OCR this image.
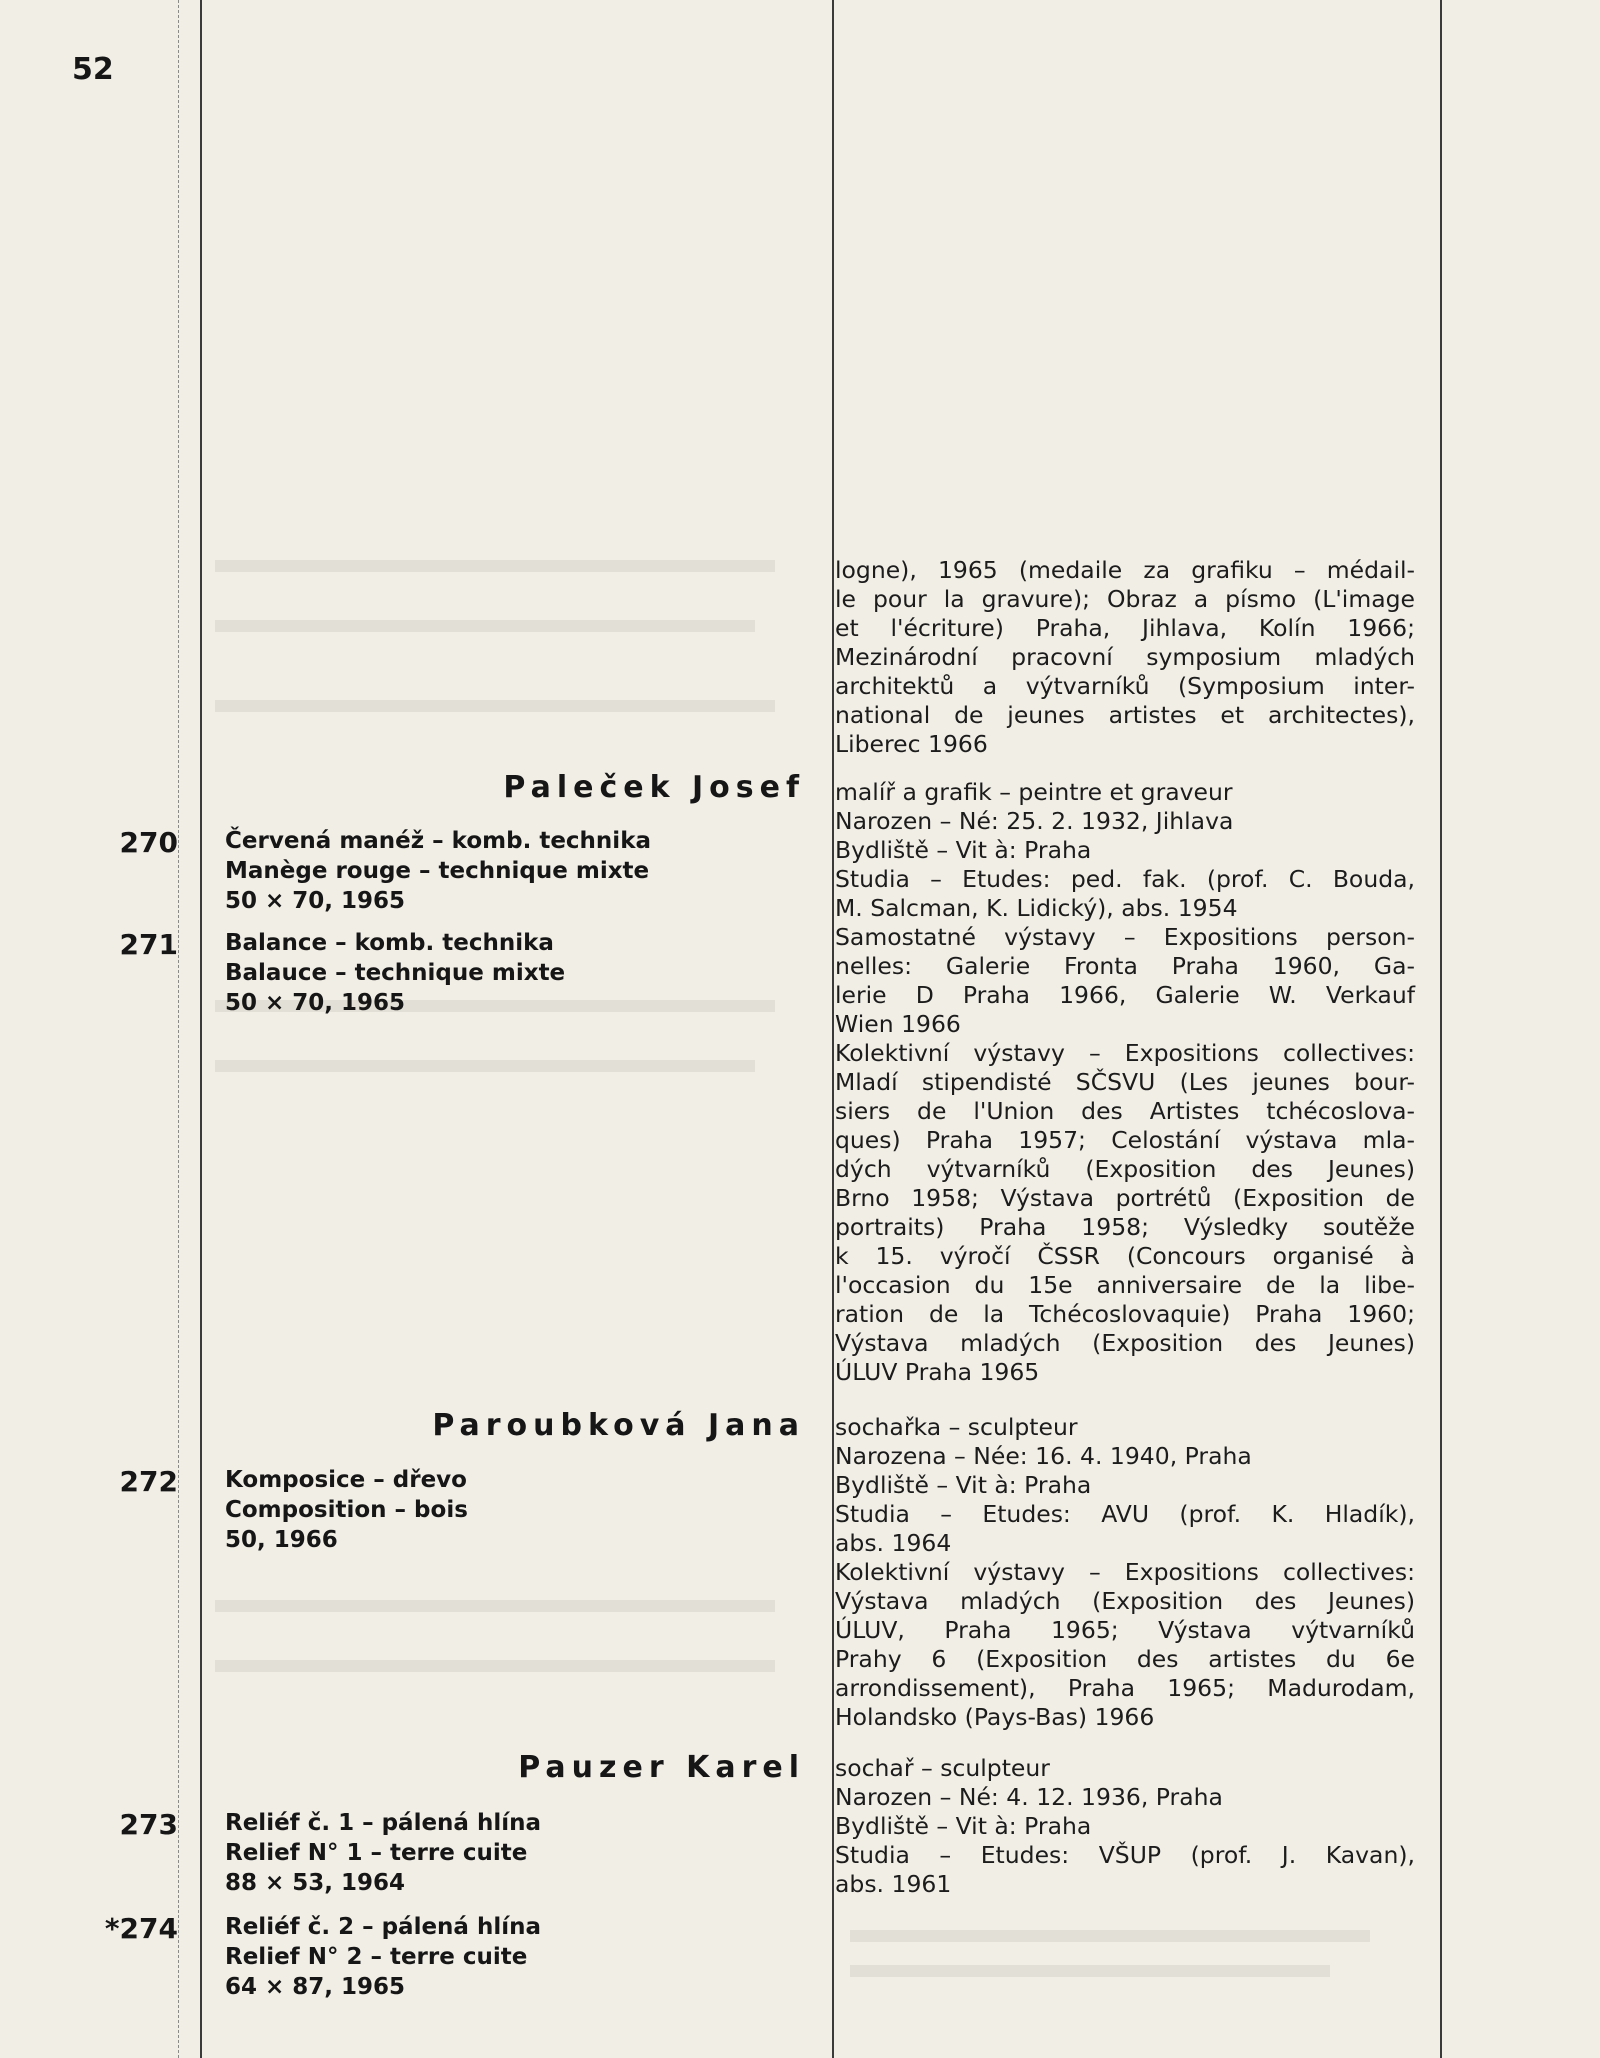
52
logne), 1965 (medaile za grafiku – médail-
le pour la gravure); Obraz a písmo (L'image
et l'écriture) Praha, Jihlava, Kolín 1966;
Mezinárodní pracovní symposium mladých
architektů a výtvarníků (Symposium inter-
national de jeunes artistes et architectes),
Liberec 1966
Paleček Josef
270 Červená manéž – komb. technika
Manège rouge – technique mixte
50 × 70, 1965
271 Balance – komb. technika
Balauce – technique mixte
50 × 70, 1965
malíř a grafik – peintre et graveur
Narozen – Né: 25. 2. 1932, Jihlava
Bydliště – Vit à: Praha
Studia – Etudes: ped. fak. (prof. C. Bouda,
M. Salcman, K. Lidický), abs. 1954
Samostatné výstavy – Expositions person-
nelles: Galerie Fronta Praha 1960, Ga-
lerie D Praha 1966, Galerie W. Verkauf
Wien 1966
Kolektivní výstavy – Expositions collectives:
Mladí stipendisté SČSVU (Les jeunes bour-
siers de l'Union des Artistes tchécoslova-
ques) Praha 1957; Celostání výstava mla-
dých výtvarníků (Exposition des Jeunes)
Brno 1958; Výstava portrétů (Exposition de
portraits) Praha 1958; Výsledky soutěže
k 15. výročí ČSSR (Concours organisé à
l'occasion du 15e anniversaire de la libe-
ration de la Tchécoslovaquie) Praha 1960;
Výstava mladých (Exposition des Jeunes)
ÚLUV Praha 1965
Paroubková Jana
272 Komposice – dřevo
Composition – bois
50, 1966
sochařka – sculpteur
Narozena – Née: 16. 4. 1940, Praha
Bydliště – Vit à: Praha
Studia – Etudes: AVU (prof. K. Hladík),
abs. 1964
Kolektivní výstavy – Expositions collectives:
Výstava mladých (Exposition des Jeunes)
ÚLUV, Praha 1965; Výstava výtvarníků
Prahy 6 (Exposition des artistes du 6e
arrondissement), Praha 1965; Madurodam,
Holandsko (Pays-Bas) 1966
Pauzer Karel
273 Reliéf č. 1 – pálená hlína
Relief N° 1 – terre cuite
88 × 53, 1964
*274 Reliéf č. 2 – pálená hlína
Relief N° 2 – terre cuite
64 × 87, 1965
sochař – sculpteur
Narozen – Né: 4. 12. 1936, Praha
Bydliště – Vit à: Praha
Studia – Etudes: VŠUP (prof. J. Kavan),
abs. 1961
